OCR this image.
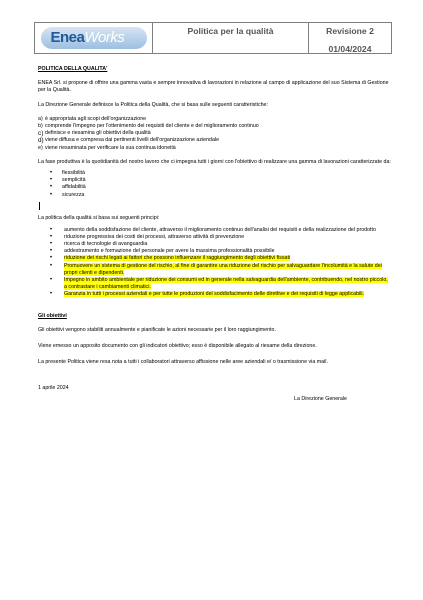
EneaWorks	Politica per la qualità	Revisione 2
01/04/2024

POLITICA DELLA QUALITA'

ENEA Srl. si propone di offrire una gamma vasta e sempre innovativa di lavorazioni in relazione al campo di applicazione del suo Sistema di Gestione per la Qualità.

La Direzione Generale definisce la Politica della Qualità, che si basa sulle seguenti caratteristiche:

a) è appropriata agli scopi dell'organizzazione
b) comprende l'impegno per l'ottenimento dei requisiti del cliente e del miglioramento continuo
c) definisce e riesamina gli obiettivi della qualità
d) viene diffusa e compresa dai pertinenti livelli dell'organizzazione aziendale
e) viene riesaminata per verificare la sua continua idoneità

La fase produttiva è la quotidianità del nostro lavoro che ci impegna tutti i giorni con l'obiettivo di realizzare una gamma di lavorazioni caratterizzate da:

• flessibilità
• semplicità
• affidabilità
• sicurezza

La politica della qualità si basa sui seguenti principi:

• aumento della soddisfazione del cliente, attraverso il miglioramento continuo dell'analisi dei requisiti e della realizzazione del prodotto
• riduzione progressiva dei costi dei processi, attraverso attività di prevenzione
• ricerca di tecnologie di avanguardia
• addestramento e formazione del personale per avere la massima professionalità possibile
• riduzione dei rischi legati ai fattori che possono influenzare il raggiungimento degli obiettivi fissati
• Promuovere un sistema di gestione del rischio, al fine di garantire una riduzione del rischio per salvaguardare l'incolumità e la salute dei propri clienti e dipendenti.
• Impegno in ambito ambientale per riduzione dei consumi ed in generale nella salvaguardia dell'ambiente, contribuendo, nel nostro piccolo, a contrastare i cambiamenti climatici.
• Garanzia in tutti i processi aziendali e per tutte le produzioni del soddisfacimento delle direttive e dei requisiti di legge applicabili.

Gli obiettivi

Gli obiettivi vengono stabiliti annualmente e pianificate le azioni necessarie per il loro raggiungimento.

Viene emesso un apposito documento con gli indicatori obiettivo; esso è disponibile allegato al riesame della direzione.

La presente Politica viene resa nota a tutti i collaboratori attraverso affissione nelle aree aziendali e/ o trasmissione via mail.

1 aprile 2024
La Direzione Generale
